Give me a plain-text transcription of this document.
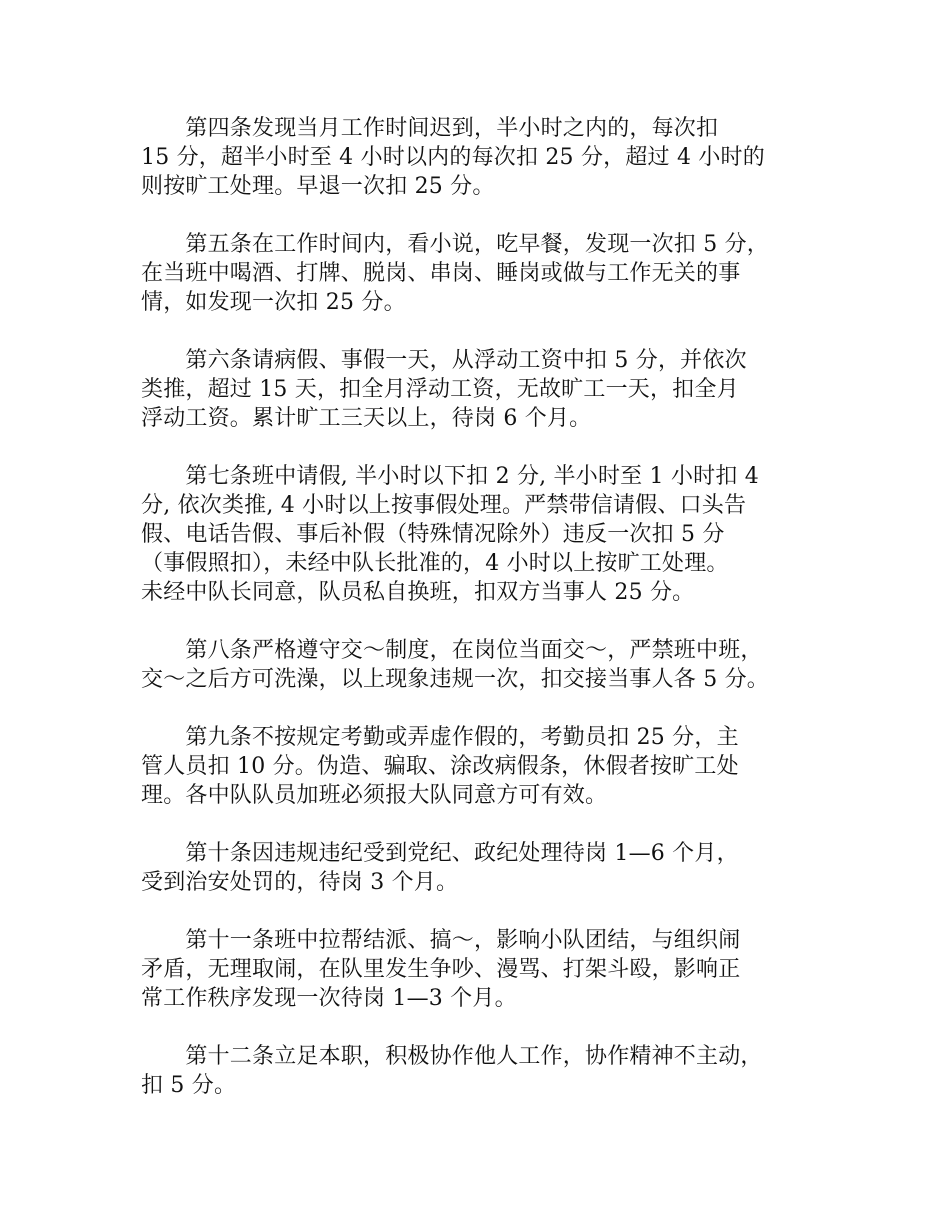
　　第四条发现当月工作时间迟到，半小时之内的，每次扣
15 分，超半小时至 4 小时以内的每次扣 25 分，超过 4 小时的
则按旷工处理。早退一次扣 25 分。

　　第五条在工作时间内，看小说，吃早餐，发现一次扣 5 分，
在当班中喝酒、打牌、脱岗、串岗、睡岗或做与工作无关的事
情，如发现一次扣 25 分。

　　第六条请病假、事假一天，从浮动工资中扣 5 分，并依次
类推，超过 15 天，扣全月浮动工资，无故旷工一天，扣全月
浮动工资。累计旷工三天以上，待岗 6 个月。

　　第七条班中请假, 半小时以下扣 2 分, 半小时至 1 小时扣 4
分, 依次类推, 4 小时以上按事假处理。严禁带信请假、口头告
假、电话告假、事后补假（特殊情况除外）违反一次扣 5 分
（事假照扣），未经中队长批准的，4 小时以上按旷工处理。
未经中队长同意，队员私自换班，扣双方当事人 25 分。

　　第八条严格遵守交～制度，在岗位当面交～，严禁班中班，
交～之后方可洗澡，以上现象违规一次，扣交接当事人各 5 分。

　　第九条不按规定考勤或弄虚作假的，考勤员扣 25 分，主
管人员扣 10 分。伪造、骗取、涂改病假条，休假者按旷工处
理。各中队队员加班必须报大队同意方可有效。

　　第十条因违规违纪受到党纪、政纪处理待岗 1—6 个月，
受到治安处罚的，待岗 3 个月。

　　第十一条班中拉帮结派、搞～，影响小队团结，与组织闹
矛盾，无理取闹，在队里发生争吵、漫骂、打架斗殴，影响正
常工作秩序发现一次待岗 1—3 个月。

　　第十二条立足本职，积极协作他人工作，协作精神不主动，
扣 5 分。
